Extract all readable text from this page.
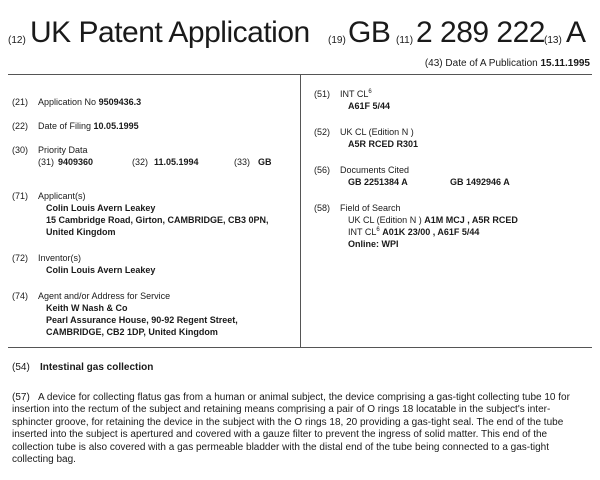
(12) UK Patent Application (19) GB (11) 2 289 222 (13) A
(43) Date of A Publication 15.11.1995
(21) Application No 9509436.3
(22) Date of Filing 10.05.1995
(30) Priority Data
(31) 9409360	(32) 11.05.1994	(33) GB
(71) Applicant(s)
Colin Louis Avern Leakey
15 Cambridge Road, Girton, CAMBRIDGE, CB3 0PN,
United Kingdom
(72) Inventor(s)
Colin Louis Avern Leakey
(74) Agent and/or Address for Service
Keith W Nash & Co
Pearl Assurance House, 90-92 Regent Street,
CAMBRIDGE, CB2 1DP, United Kingdom
(51) INT $CL^6$
A61F 5/44
(52) UK CL (Edition N )
A5R RCED R301
(56) Documents Cited
GB 2251384 A	GB 1492946 A
(58) Field of Search
UK CL (Edition N ) A1M MCJ , A5R RCED
INT $CL^6$ A01K 23/00 , A61F 5/44
Online: WPI
(54) Intestinal gas collection
(57) A device for collecting flatus gas from a human or animal subject, the device comprising a gas-tight collecting tube 10 for insertion into the rectum of the subject and retaining means comprising a pair of O rings 18 locatable in the subject's inter-sphincter groove, for retaining the device in the subject with the O rings 18, 20 providing a gas-tight seal. The end of the tube inserted into the subject is apertured and covered with a gauze filter to prevent the ingress of solid matter. This end of the collection tube is also covered with a gas permeable bladder with the distal end of the tube being connected to a gas-tight collecting bag.
